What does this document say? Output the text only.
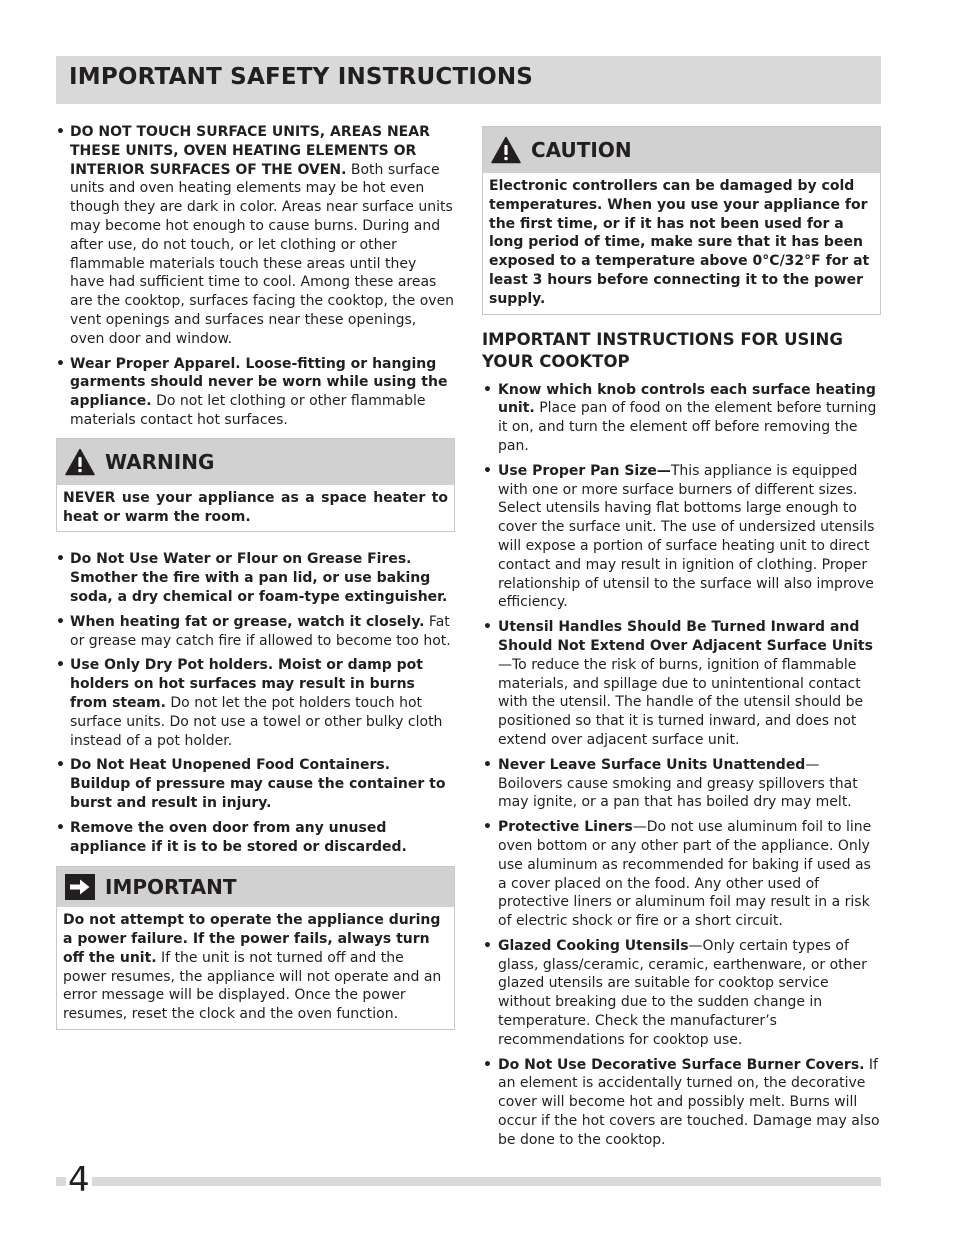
IMPORTANT SAFETY INSTRUCTIONS
• DO NOT TOUCH SURFACE UNITS, AREAS NEAR THESE UNITS, OVEN HEATING ELEMENTS OR INTERIOR SURFACES OF THE OVEN. Both surface units and oven heating elements may be hot even though they are dark in color. Areas near surface units may become hot enough to cause burns. During and after use, do not touch, or let clothing or other flammable materials touch these areas until they have had sufficient time to cool. Among these areas are the cooktop, surfaces facing the cooktop, the oven vent openings and surfaces near these openings, oven door and window.
• Wear Proper Apparel. Loose-fitting or hanging garments should never be worn while using the appliance. Do not let clothing or other flammable materials contact hot surfaces.
WARNING
NEVER use your appliance as a space heater to heat or warm the room.
• Do Not Use Water or Flour on Grease Fires. Smother the fire with a pan lid, or use baking soda, a dry chemical or foam-type extinguisher.
• When heating fat or grease, watch it closely. Fat or grease may catch fire if allowed to become too hot.
• Use Only Dry Pot holders. Moist or damp pot holders on hot surfaces may result in burns from steam. Do not let the pot holders touch hot surface units. Do not use a towel or other bulky cloth instead of a pot holder.
• Do Not Heat Unopened Food Containers. Buildup of pressure may cause the container to burst and result in injury.
• Remove the oven door from any unused appliance if it is to be stored or discarded.
IMPORTANT
Do not attempt to operate the appliance during a power failure. If the power fails, always turn off the unit. If the unit is not turned off and the power resumes, the appliance will not operate and an error message will be displayed. Once the power resumes, reset the clock and the oven function.
CAUTION
Electronic controllers can be damaged by cold temperatures. When you use your appliance for the first time, or if it has not been used for a long period of time, make sure that it has been exposed to a temperature above 0°C/32°F for at least 3 hours before connecting it to the power supply.
IMPORTANT INSTRUCTIONS FOR USING YOUR COOKTOP
• Know which knob controls each surface heating unit. Place pan of food on the element before turning it on, and turn the element off before removing the pan.
• Use Proper Pan Size—This appliance is equipped with one or more surface burners of different sizes. Select utensils having flat bottoms large enough to cover the surface unit. The use of undersized utensils will expose a portion of surface heating unit to direct contact and may result in ignition of clothing. Proper relationship of utensil to the surface will also improve efficiency.
• Utensil Handles Should Be Turned Inward and Should Not Extend Over Adjacent Surface Units—To reduce the risk of burns, ignition of flammable materials, and spillage due to unintentional contact with the utensil. The handle of the utensil should be positioned so that it is turned inward, and does not extend over adjacent surface unit.
• Never Leave Surface Units Unattended—Boilovers cause smoking and greasy spillovers that may ignite, or a pan that has boiled dry may melt.
• Protective Liners—Do not use aluminum foil to line oven bottom or any other part of the appliance. Only use aluminum as recommended for baking if used as a cover placed on the food. Any other used of protective liners or aluminum foil may result in a risk of electric shock or fire or a short circuit.
• Glazed Cooking Utensils—Only certain types of glass, glass/ceramic, ceramic, earthenware, or other glazed utensils are suitable for cooktop service without breaking due to the sudden change in temperature. Check the manufacturer’s recommendations for cooktop use.
• Do Not Use Decorative Surface Burner Covers. If an element is accidentally turned on, the decorative cover will become hot and possibly melt. Burns will occur if the hot covers are touched. Damage may also be done to the cooktop.
4
